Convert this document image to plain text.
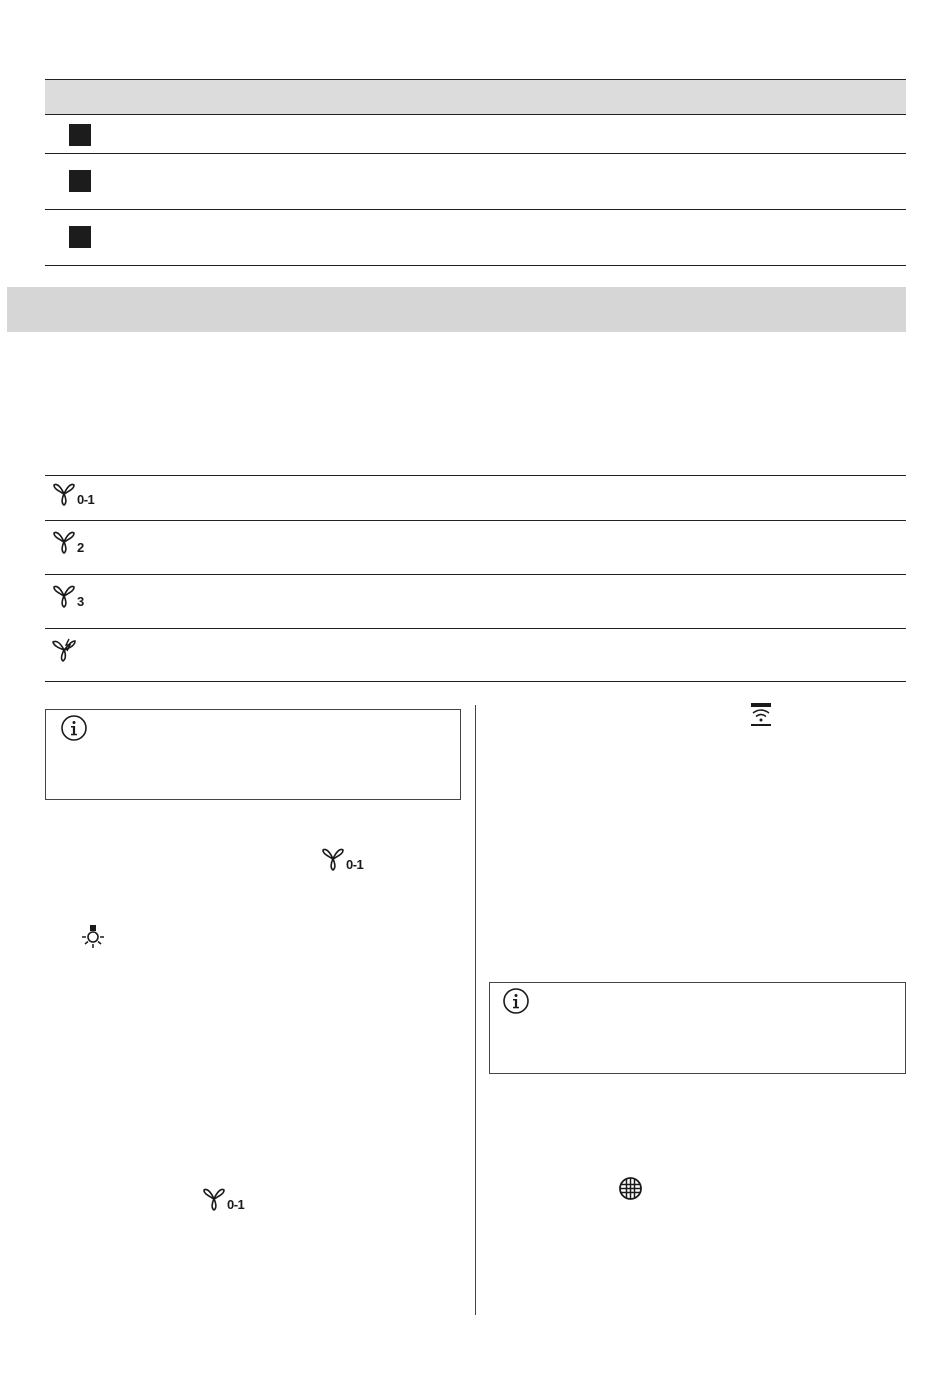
0-1
2
3
0-1
0-1
